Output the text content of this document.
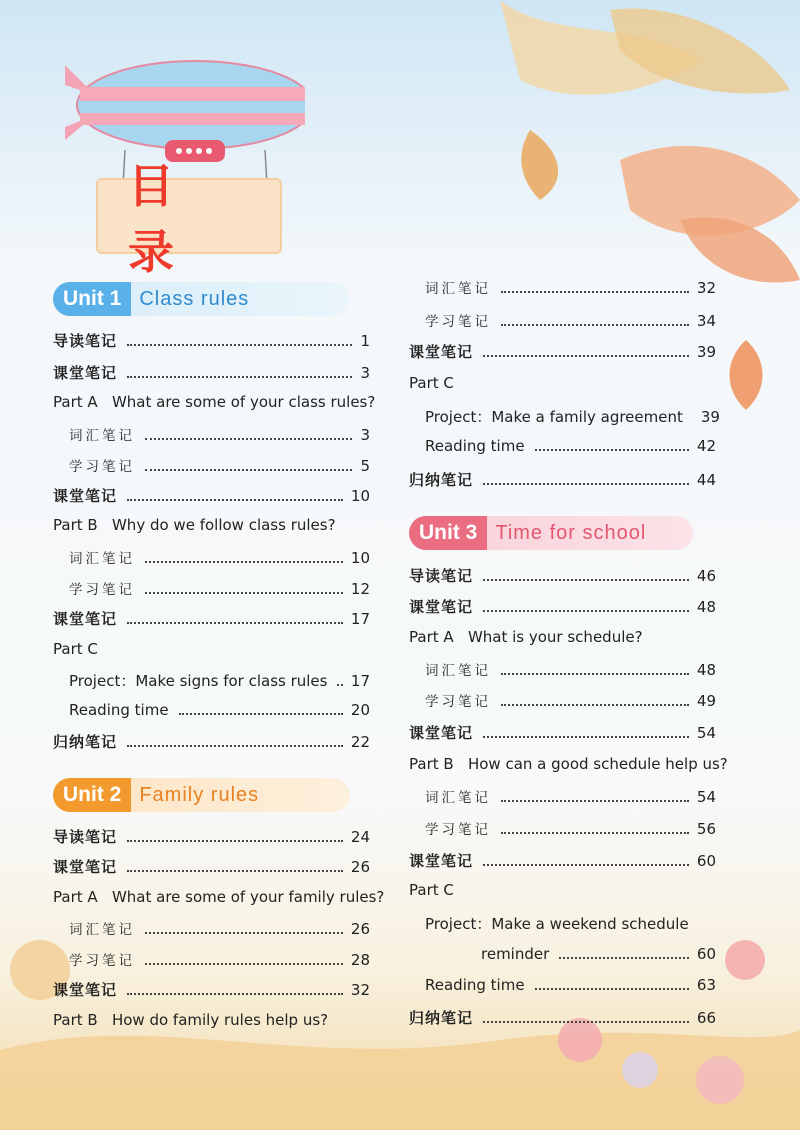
目 录
Unit 1 Class rules
Unit 2 Family rules
Unit 3 Time for school
导读笔记	1
课堂笔记	3
Part A   What are some of your class rules?
词汇笔记	3
学习笔记	5
课堂笔记	10
Part B   Why do we follow class rules?
词汇笔记	10
学习笔记	12
课堂笔记	17
Part C
Project：Make signs for class rules 17
Reading time	20
归纳笔记	22
导读笔记	24
课堂笔记	26
Part A   What are some of your family rules?
词汇笔记	26
学习笔记	28
课堂笔记	32
Part B   How do family rules help us?
词汇笔记	32
学习笔记	34
课堂笔记	39
Part C
Project：Make a family agreement 39
Reading time	42
归纳笔记	44
导读笔记	46
课堂笔记	48
Part A   What is your schedule?
词汇笔记	48
学习笔记	49
课堂笔记	54
Part B   How can a good schedule help us?
词汇笔记	54
学习笔记	56
课堂笔记	60
Part C
Project：Make a weekend schedule
reminder	60
Reading time	63
归纳笔记	66
